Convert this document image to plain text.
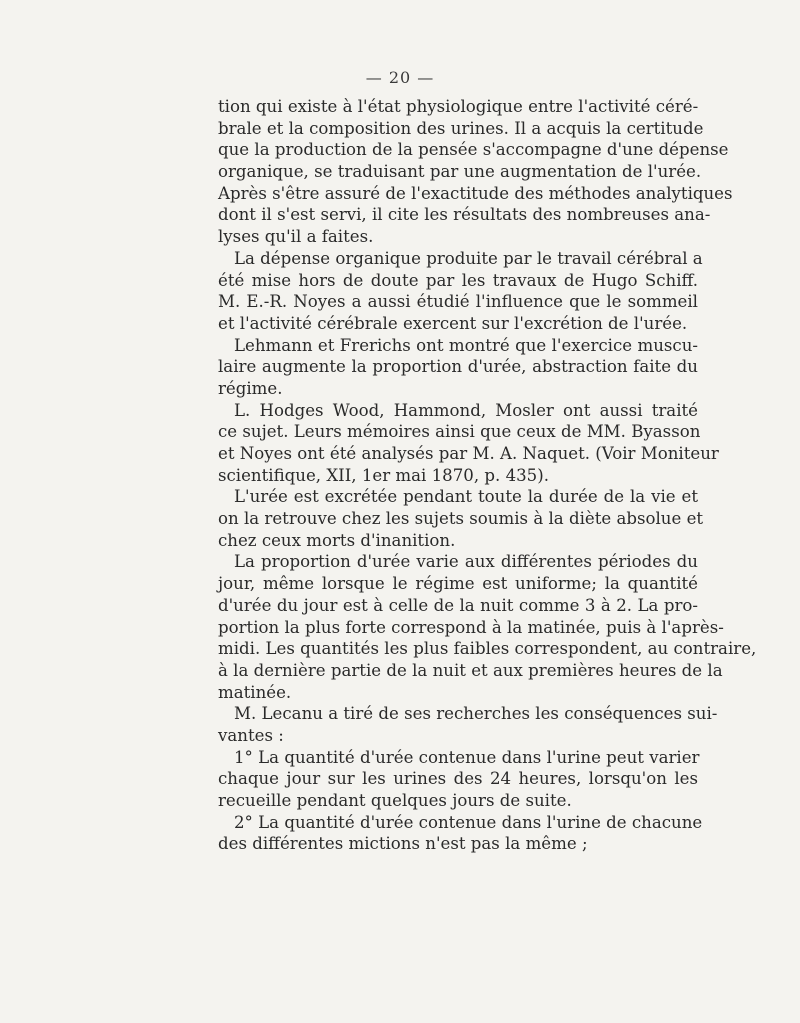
— 20 —
tion qui existe à l'état physiologique entre l'activité céré-
brale et la composition des urines. Il a acquis la certitude
que la production de la pensée s'accompagne d'une dépense
organique, se traduisant par une augmentation de l'urée.
Après s'être assuré de l'exactitude des méthodes analytiques
dont il s'est servi, il cite les résultats des nombreuses ana-
lyses qu'il a faites.
La dépense organique produite par le travail cérébral a
été mise hors de doute par les travaux de Hugo Schiff.
M. E.-R. Noyes a aussi étudié l'influence que le sommeil
et l'activité cérébrale exercent sur l'excrétion de l'urée.
Lehmann et Frerichs ont montré que l'exercice muscu-
laire augmente la proportion d'urée, abstraction faite du
régime.
L. Hodges Wood, Hammond, Mosler ont aussi traité
ce sujet. Leurs mémoires ainsi que ceux de MM. Byasson
et Noyes ont été analysés par M. A. Naquet. (Voir Moniteur
scientifique, XII, 1er mai 1870, p. 435).
L'urée est excrétée pendant toute la durée de la vie et
on la retrouve chez les sujets soumis à la diète absolue et
chez ceux morts d'inanition.
La proportion d'urée varie aux différentes périodes du
jour, même lorsque le régime est uniforme; la quantité
d'urée du jour est à celle de la nuit comme 3 à 2. La pro-
portion la plus forte correspond à la matinée, puis à l'après-
midi. Les quantités les plus faibles correspondent, au contraire,
à la dernière partie de la nuit et aux premières heures de la
matinée.
M. Lecanu a tiré de ses recherches les conséquences sui-
vantes :
1° La quantité d'urée contenue dans l'urine peut varier
chaque jour sur les urines des 24 heures, lorsqu'on les
recueille pendant quelques jours de suite.
2° La quantité d'urée contenue dans l'urine de chacune
des différentes mictions n'est pas la même ;
